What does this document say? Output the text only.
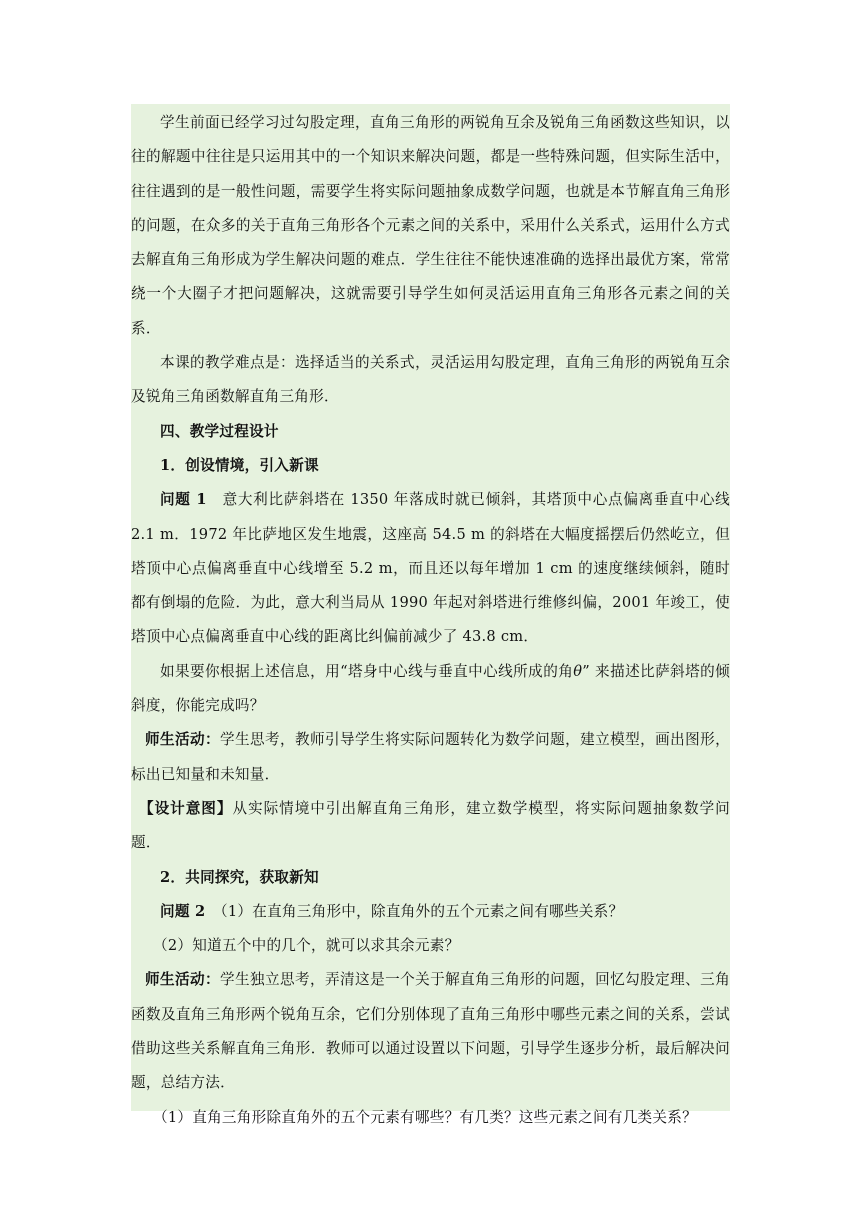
学生前面已经学习过勾股定理，直角三角形的两锐角互余及锐角三角函数这些知识，以往的解题中往往是只运用其中的一个知识来解决问题，都是一些特殊问题，但实际生活中，往往遇到的是一般性问题，需要学生将实际问题抽象成数学问题，也就是本节解直角三角形的问题，在众多的关于直角三角形各个元素之间的关系中，采用什么关系式，运用什么方式去解直角三角形成为学生解决问题的难点．学生往往不能快速准确的选择出最优方案，常常绕一个大圈子才把问题解决，这就需要引导学生如何灵活运用直角三角形各元素之间的关系．

本课的教学难点是：选择适当的关系式，灵活运用勾股定理，直角三角形的两锐角互余及锐角三角函数解直角三角形．

四、教学过程设计

1．创设情境，引入新课

问题 1　 意大利比萨斜塔在 1350 年落成时就已倾斜，其塔顶中心点偏离垂直中心线 2.1 m．1972 年比萨地区发生地震，这座高 54.5 m 的斜塔在大幅度摇摆后仍然屹立，但塔顶中心点偏离垂直中心线增至 5.2 m，而且还以每年增加 1 cm 的速度继续倾斜，随时都有倒塌的危险．为此，意大利当局从 1990 年起对斜塔进行维修纠偏，2001 年竣工，使塔顶中心点偏离垂直中心线的距离比纠偏前减少了 43.8 cm．

如果要你根据上述信息，用“塔身中心线与垂直中心线所成的角θ” 来描述比萨斜塔的倾斜度，你能完成吗？

师生活动：学生思考，教师引导学生将实际问题转化为数学问题，建立模型，画出图形，标出已知量和未知量．

【设计意图】从实际情境中引出解直角三角形，建立数学模型，将实际问题抽象数学问题．

2．共同探究，获取新知

问题 2　 （1）在直角三角形中，除直角外的五个元素之间有哪些关系？

（2）知道五个中的几个，就可以求其余元素？

师生活动：学生独立思考，弄清这是一个关于解直角三角形的问题，回忆勾股定理、三角函数及直角三角形两个锐角互余，它们分别体现了直角三角形中哪些元素之间的关系，尝试借助这些关系解直角三角形．教师可以通过设置以下问题，引导学生逐步分析，最后解决问题，总结方法．

（1）直角三角形除直角外的五个元素有哪些？有几类？这些元素之间有几类关系？
